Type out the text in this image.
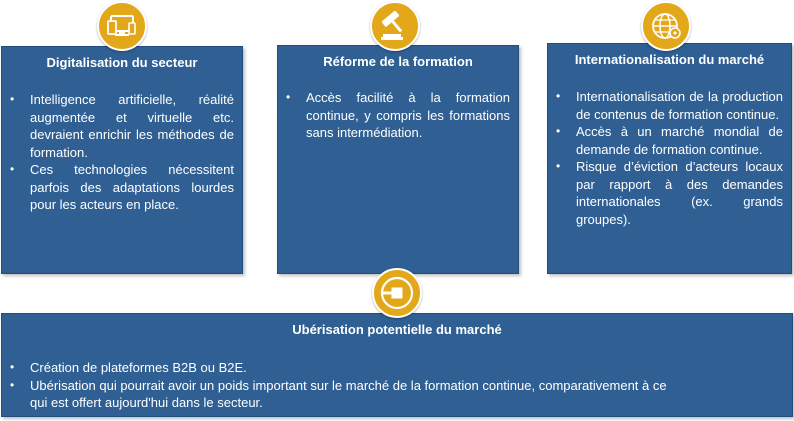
Digitalisation du secteur
• Intelligence artificielle, réalité augmentée et virtuelle etc. devraient enrichir les méthodes de formation.
• Ces technologies nécessitent parfois des adaptations lourdes pour les acteurs en place.
Réforme de la formation
• Accès facilité à la formation continue, y compris les formations sans intermédiation.
Internationalisation du marché
• Internationalisation de la production de contenus de formation continue.
• Accès à un marché mondial de demande de formation continue.
• Risque d’éviction d’acteurs locaux par rapport à des demandes internationales (ex. grands groupes).
Ubérisation potentielle du marché
• Création de plateformes B2B ou B2E.
• Ubérisation qui pourrait avoir un poids important sur le marché de la formation continue, comparativement à ce qui est offert aujourd'hui dans le secteur.
